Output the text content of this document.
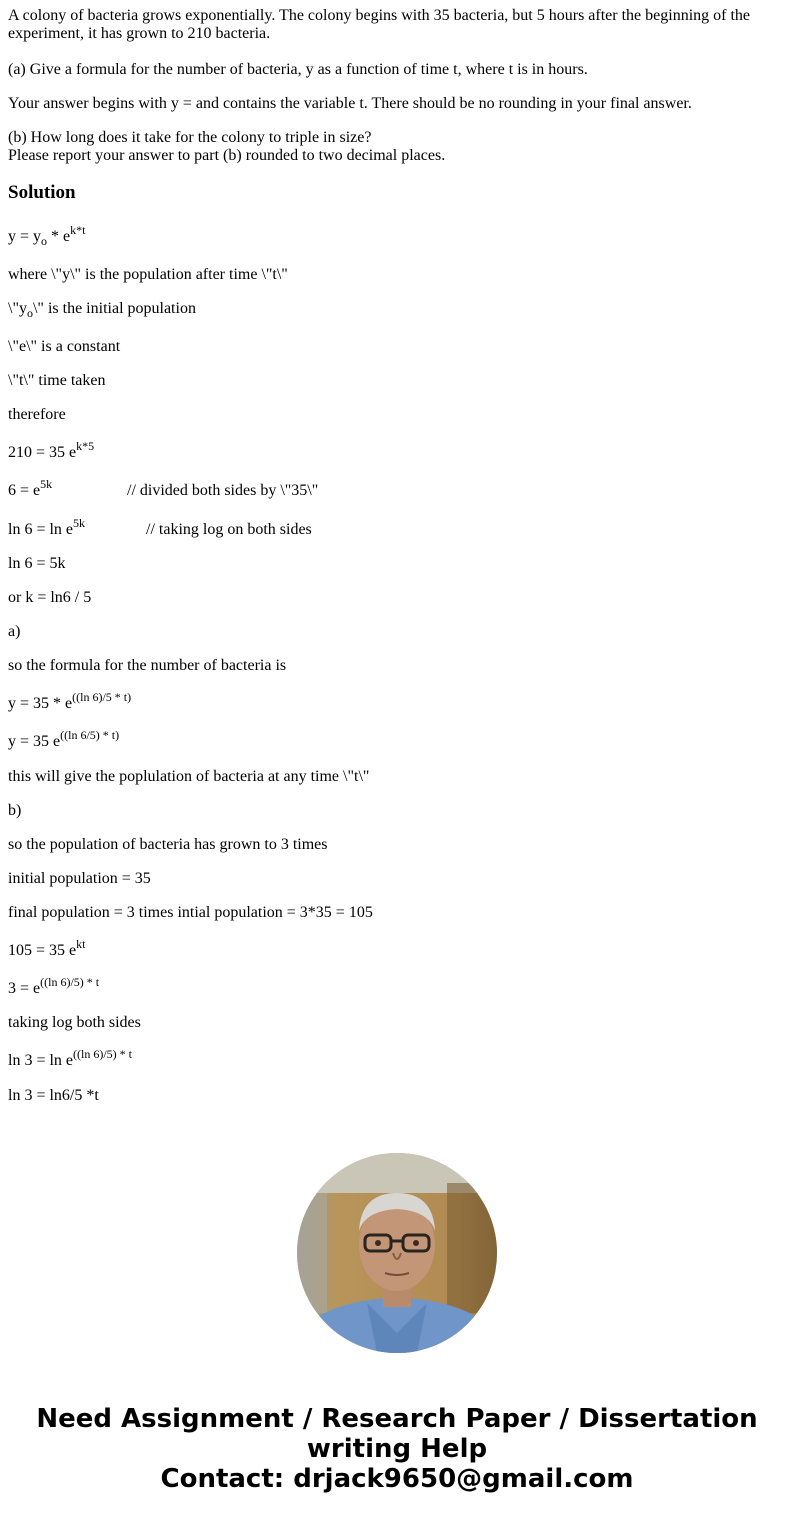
A colony of bacteria grows exponentially. The colony begins with 35 bacteria, but 5 hours after the beginning of the experiment, it has grown to 210 bacteria.

(a) Give a formula for the number of bacteria, y as a function of time t, where t is in hours.

Your answer begins with y = and contains the variable t. There should be no rounding in your final answer.

(b) How long does it take for the colony to triple in size?

Please report your answer to part (b) rounded to two decimal places.

Solution

$y = y_o * e^{k*t}$

where \"y\" is the population after time \"t\"

$\backslash"y_o\backslash$" is the initial population

\"e\" is a constant

\"t\" time taken

therefore

210 = 35 $e^{k*5}$

$6 = e^{5k}$	// divided both sides by \"35\"

$\ln 6 = \ln e^{5k}$	// taking log on both sides

ln 6 = 5k

or k = ln6 / 5

a)

so the formula for the number of bacteria is

$y = 35 * e^{((ln 6)/5 * t)}$

y = 35 $e^{((ln 6/5) * t)}$

this will give the poplulation of bacteria at any time \"t\"

b)

so the population of bacteria has grown to 3 times

initial population = 35

final population = 3 times intial population = 3*35 = 105

105 = 35 $e^{kt}$

$3 = e^{((ln 6)/5) * t}$

taking log both sides

$\ln 3 = \ln e^{((ln 6)/5) * t}$

ln 3 = ln6/5 *t

Need Assignment / Research Paper / Dissertation
writing Help
Contact: drjack9650@gmail.com
